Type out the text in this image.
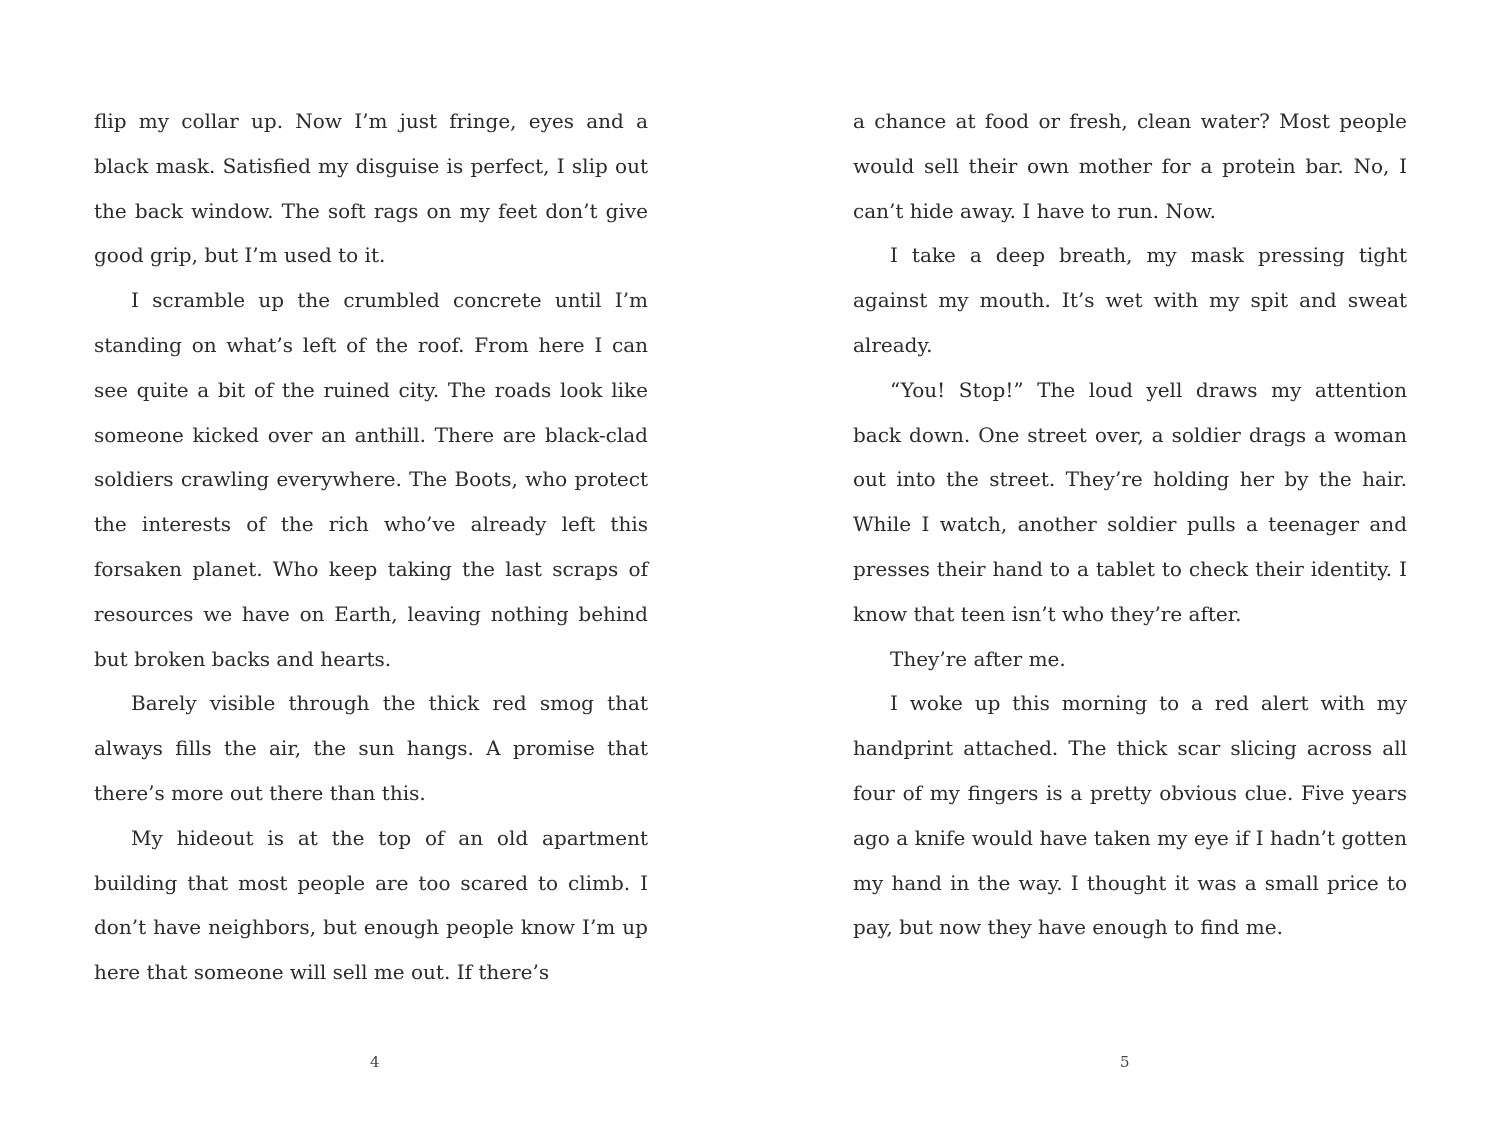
flip my collar up. Now I’m just fringe, eyes and a black mask. Satisfied my disguise is perfect, I slip out the back window. The soft rags on my feet don’t give good grip, but I’m used to it.

I scramble up the crumbled concrete until I’m standing on what’s left of the roof. From here I can see quite a bit of the ruined city. The roads look like someone kicked over an anthill. There are black-clad soldiers crawling everywhere. The Boots, who protect the interests of the rich who’ve already left this forsaken planet. Who keep taking the last scraps of resources we have on Earth, leaving nothing behind but broken backs and hearts.

Barely visible through the thick red smog that always fills the air, the sun hangs. A promise that there’s more out there than this.

My hideout is at the top of an old apartment building that most people are too scared to climb. I don’t have neighbors, but enough people know I’m up here that someone will sell me out. If there’s

4

a chance at food or fresh, clean water? Most people would sell their own mother for a protein bar. No, I can’t hide away. I have to run. Now.

I take a deep breath, my mask pressing tight against my mouth. It’s wet with my spit and sweat already.

“You! Stop!” The loud yell draws my attention back down. One street over, a soldier drags a woman out into the street. They’re holding her by the hair. While I watch, another soldier pulls a teenager and presses their hand to a tablet to check their identity. I know that teen isn’t who they’re after.

They’re after me.

I woke up this morning to a red alert with my handprint attached. The thick scar slicing across all four of my fingers is a pretty obvious clue. Five years ago a knife would have taken my eye if I hadn’t gotten my hand in the way. I thought it was a small price to pay, but now they have enough to find me.

5
